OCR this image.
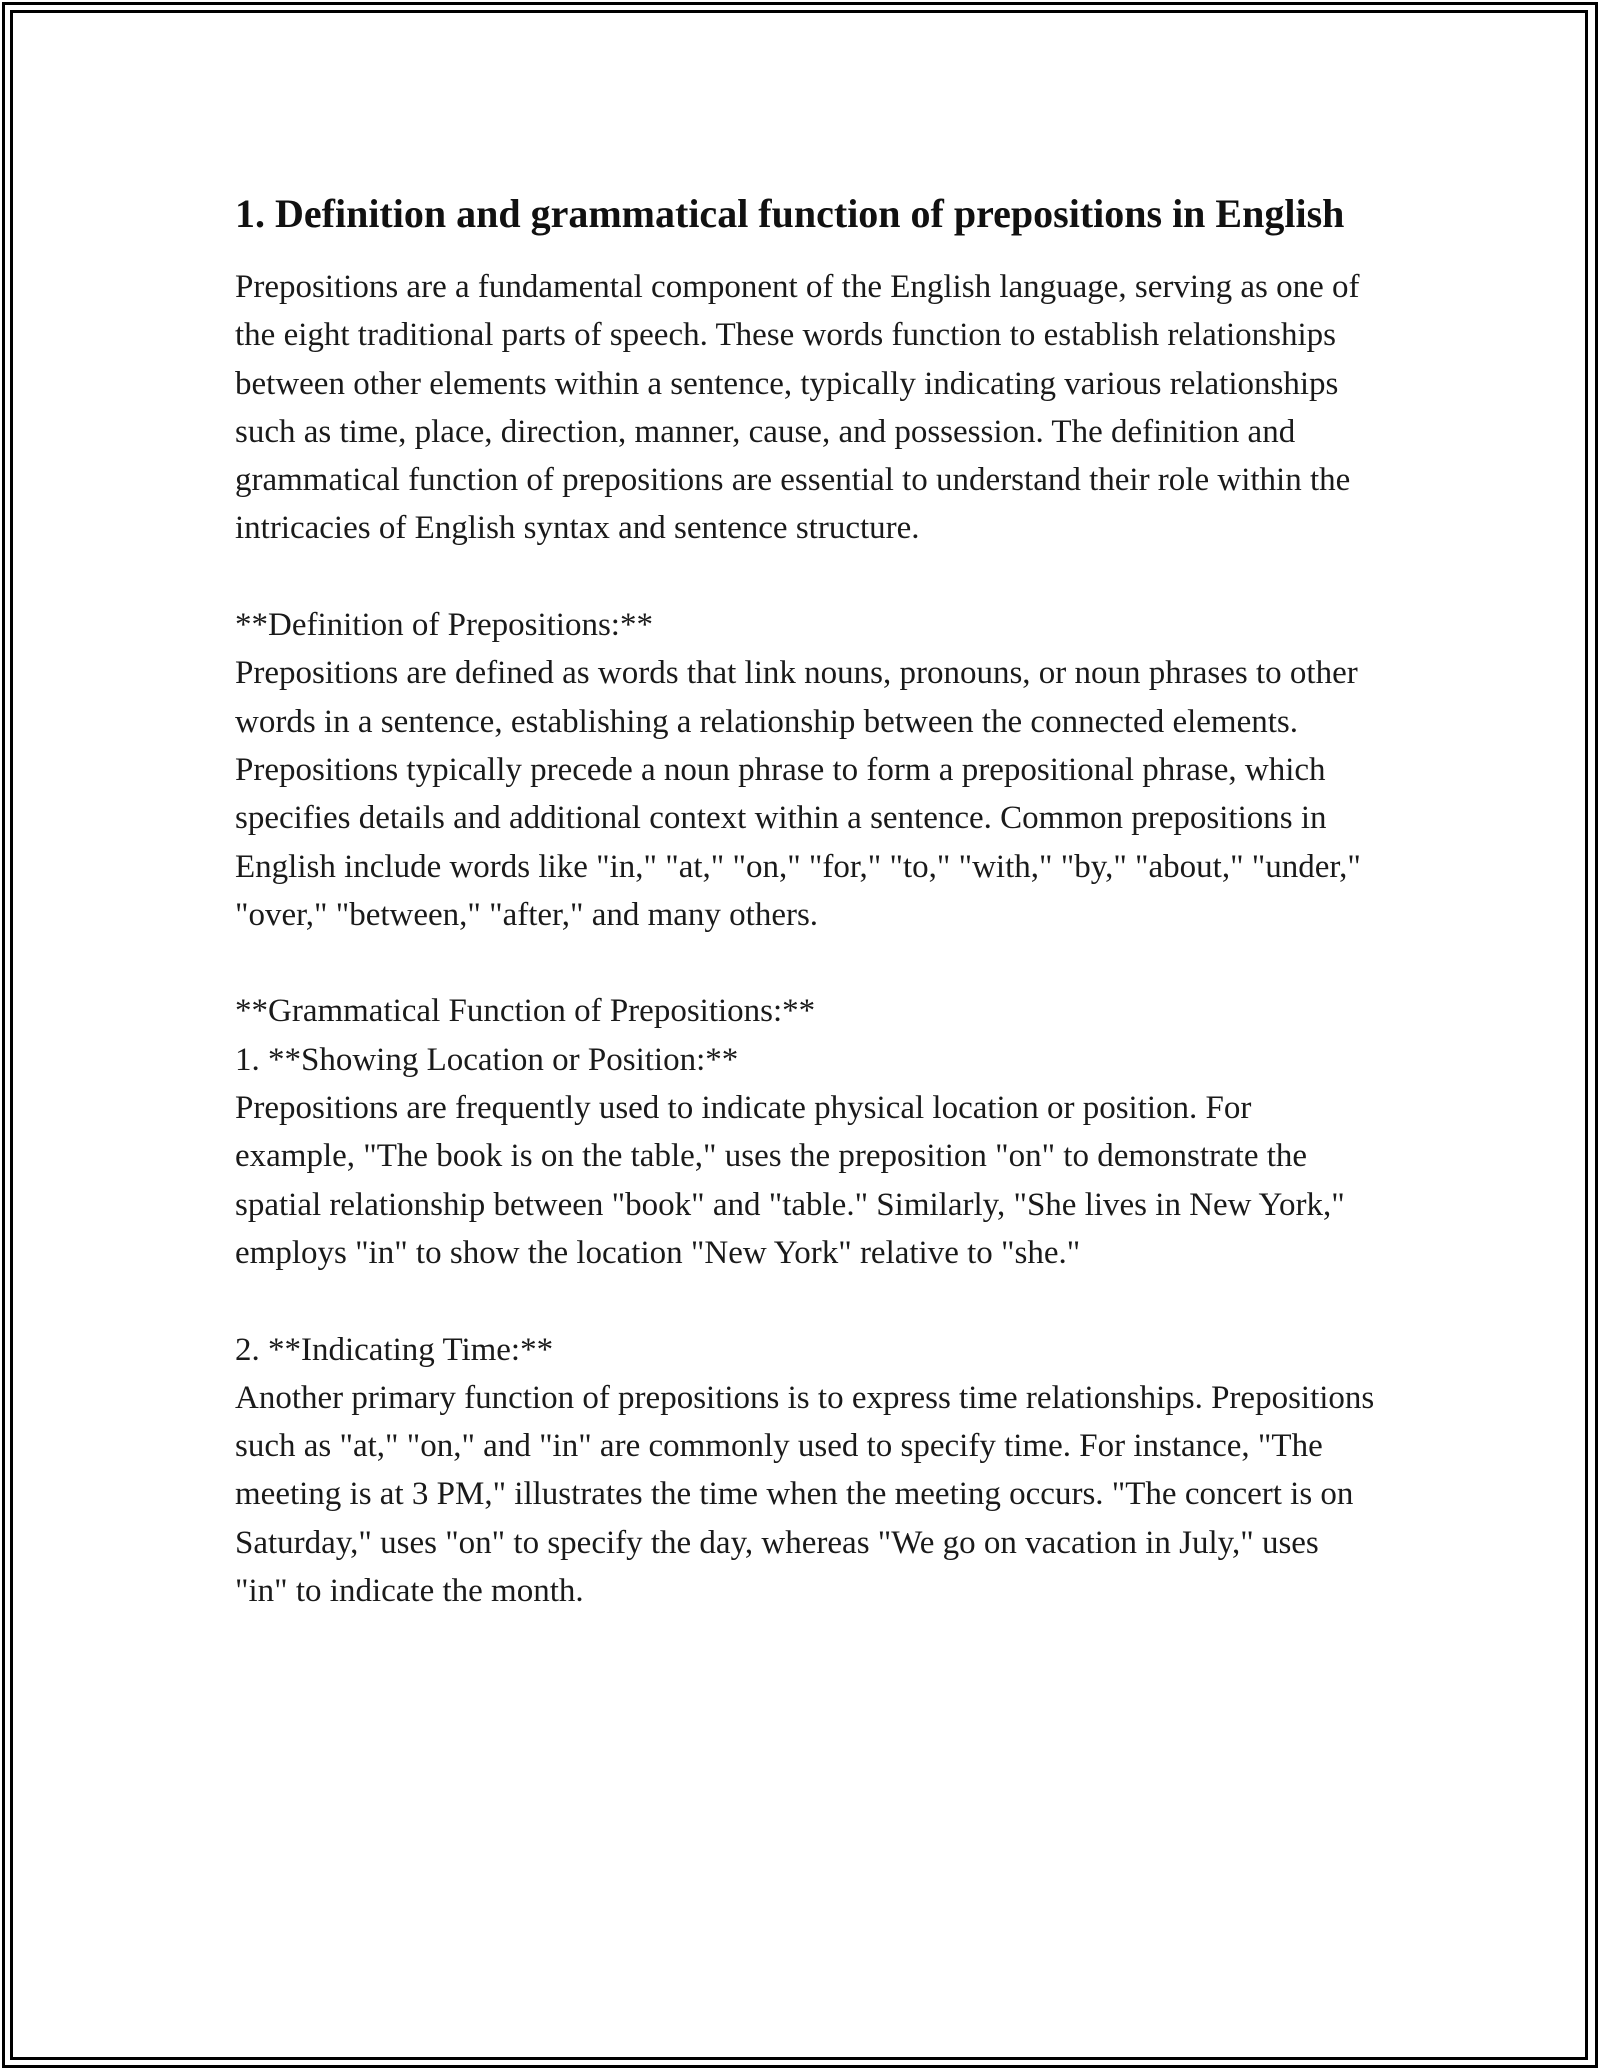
1. Definition and grammatical function of prepositions in English

Prepositions are a fundamental component of the English language, serving as one of the eight traditional parts of speech. These words function to establish relationships between other elements within a sentence, typically indicating various relationships such as time, place, direction, manner, cause, and possession. The definition and grammatical function of prepositions are essential to understand their role within the intricacies of English syntax and sentence structure.

**Definition of Prepositions:**
Prepositions are defined as words that link nouns, pronouns, or noun phrases to other words in a sentence, establishing a relationship between the connected elements. Prepositions typically precede a noun phrase to form a prepositional phrase, which specifies details and additional context within a sentence. Common prepositions in English include words like "in," "at," "on," "for," "to," "with," "by," "about," "under," "over," "between," "after," and many others.

**Grammatical Function of Prepositions:**
1. **Showing Location or Position:**
Prepositions are frequently used to indicate physical location or position. For example, "The book is on the table," uses the preposition "on" to demonstrate the spatial relationship between "book" and "table." Similarly, "She lives in New York," employs "in" to show the location "New York" relative to "she."

2. **Indicating Time:**
Another primary function of prepositions is to express time relationships. Prepositions such as "at," "on," and "in" are commonly used to specify time. For instance, "The meeting is at 3 PM," illustrates the time when the meeting occurs. "The concert is on Saturday," uses "on" to specify the day, whereas "We go on vacation in July," uses "in" to indicate the month.
